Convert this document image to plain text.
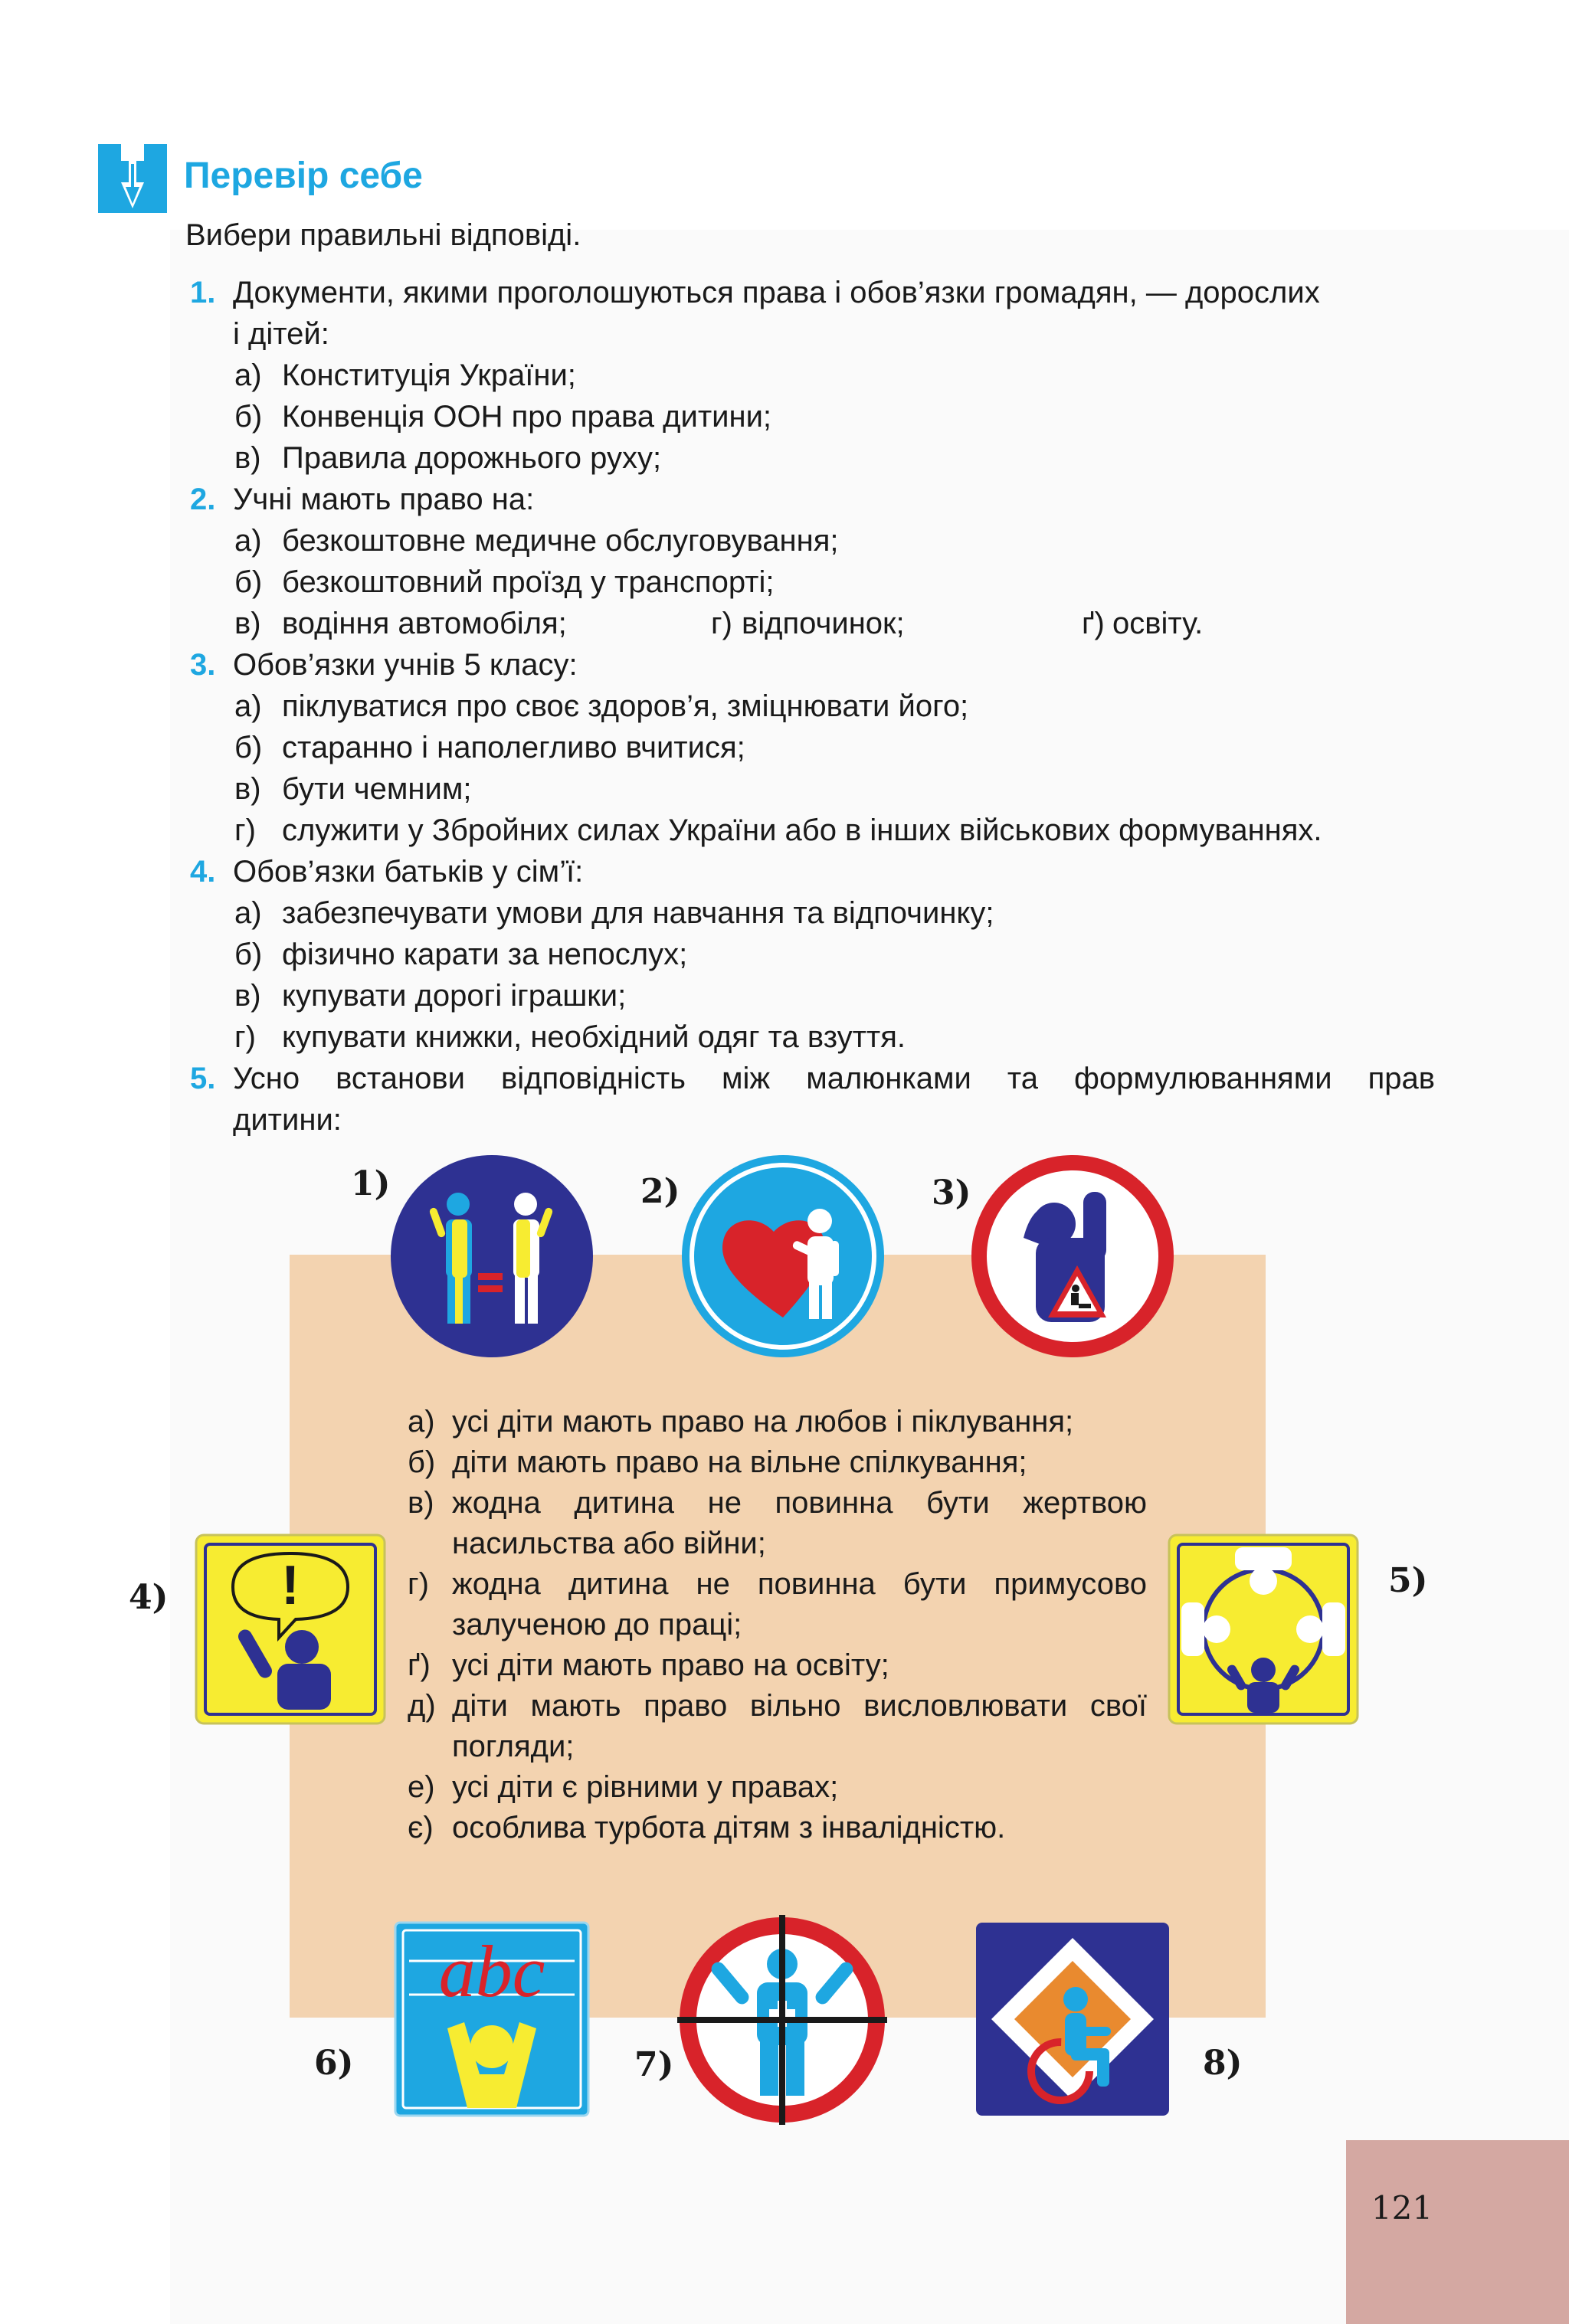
Перевір себе
Вибери правильні відповіді.
1. Документи, якими проголошуються права і обов’язки громадян, — дорослих
і дітей:
а) Конституція України;
б) Конвенція ООН про права дитини;
в) Правила дорожнього руху;
2. Учні мають право на:
а) безкоштовне медичне обслуговування;
б) безкоштовний проїзд у транспорті;
в) водіння автомобіля;	г) відпочинок;	ґ) освіту.
3. Обов’язки учнів 5 класу:
а) піклуватися про своє здоров’я, зміцнювати його;
б) старанно і наполегливо вчитися;
в) бути чемним;
г) служити у Збройних силах України або в інших військових формуваннях.
4. Обов’язки батьків у сім’ї:
а) забезпечувати умови для навчання та відпочинку;
б) фізично карати за непослух;
в) купувати дорогі іграшки;
г) купувати книжки, необхідний одяг та взуття.
5. Усно встанови відповідність між малюнками та формулюваннями прав
дитини:
а) усі діти мають право на любов і піклування;
б) діти мають право на вільне спілкування;
в) жодна дитина не повинна бути жертвою
насильства або війни;
г) жодна дитина не повинна бути примусово
залученою до праці;
ґ) усі діти мають право на освіту;
д) діти мають право вільно висловлювати свої
погляди;
е) усі діти є рівними у правах;
є) особлива турбота дітям з інвалідністю.
1)	2)	3)
4)	5)
6)	7)	8)
!
abc
121
